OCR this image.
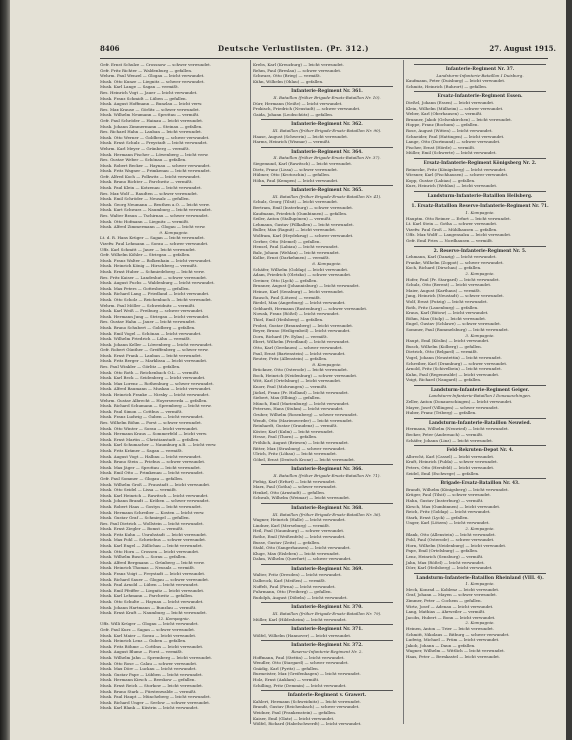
8406	Deutsche Verlustlisten. (Pr. 312.)	27. August 1915.
Gefr. Ernst Schulze — Crossnow — schwer verwundet.
Gefr. Fritz Richter — Waldenburg — gefallen.
Wehrm. Paul Wenzel — Glogau — leicht verwundet.
Musk. Otto Kunze — Liegnitz — schwer verwundet.
Musk. Karl Lange — Sagan — vermißt.
Res. Heinrich Vogt — Jauer — leicht verwundet.
Musk. Franz Schmidt — Lüben — gefallen.
Musk. August Hoffmann — Bunzlau — leicht verw.
Res. Max Krause — Görlitz — schwer verwundet.
Musk. Wilhelm Neumann — Sprottau — vermißt.
Gefr. Paul Schröder — Hainau — leicht verwundet.
Musk. Johann Zimmermann — Steinau — gefallen.
Res. Richard Hahn — Lauban — leicht verwundet.
Musk. Otto Werner — Goldberg — schwer verwundet.
Musk. Ernst Schulz — Freystadt — leicht verwundet.
Wehrm. Karl Meyer — Grünberg — vermißt.
Musk. Hermann Fischer — Löwenberg — leicht verw.
Res. Gustav Weber — Schönau — gefallen.
Musk. Robert Becker — Haynau — schwer verwundet.
Musk. Fritz Wagner — Primkenau — leicht verwundet.
Gefr. Alfred Koch — Polkwitz — leicht verwundet.
Musk. Bruno Richter — Parchwitz — vermißt.
Musk. Paul Klein — Kotzenau — leicht verwundet.
Res. Max Wolf — Raudten — schwer verwundet.
Musk. Emil Schröder — Neusalz — gefallen.
Musk. Georg Neumann — Beuthen a.O. — leicht verw.
Musk. Kurt Schwarz — Naumburg — leicht verwundet.
Res. Walter Braun — Tschirnau — schwer verwundet.
Musk. Otto Hofmann — Liegnitz — vermißt.
Musk. Alfred Zimmermann — Glogau — leicht verw.
9. Kompagnie.
Lt. d. R. Hans Krüger — Sagan — leicht verwundet.
Vizefw. Paul Lehmann — Sorau — schwer verwundet.
Uffz. Karl Schmitt — Jauer — leicht verwundet.
Gefr. Wilhelm Köhler — Striegau — gefallen.
Musk. Franz Walter — Bolkenhain — leicht verwundet.
Musk. Heinrich König — Hirschberg — vermißt.
Musk. Ernst Huber — Schmiedeberg — leicht verw.
Res. Fritz Kaiser — Landeshut — schwer verwundet.
Musk. August Fuchs — Waldenburg — leicht verwundet.
Musk. Max Peters — Gottesberg — gefallen.
Musk. Richard Lang — Friedland — leicht verwundet.
Musk. Otto Scholz — Reichenbach — leicht verwundet.
Wehrm. Paul Möller — Schweidnitz — vermißt.
Musk. Karl Weiß — Freiburg — schwer verwundet.
Musk. Hermann Jung — Striegau — leicht verwundet.
Res. Gustav Hahn — Jauer — leicht verwundet.
Musk. Bruno Schubert — Goldberg — gefallen.
Musk. Emil Vogel — Schönau — leicht verwundet.
Musk. Wilhelm Friedrich — Lähn — vermißt.
Musk. Johann Keller — Löwenberg — leicht verwundet.
Gefr. Robert Günther — Greiffenberg — schwer verw.
Musk. Ernst Frank — Lauban — leicht verwundet.
Musk. Fritz Berger — Marklissa — leicht verwundet.
Res. Paul Winkler — Görlitz — gefallen.
Musk. Otto Roth — Reichenbach O.L. — vermißt.
Musk. Karl Beck — Seidenberg — leicht verwundet.
Musk. Max Lorenz — Rothenburg — schwer verwundet.
Musk. Alfred Baumann — Muskau — leicht verwundet.
Musk. Heinrich Franke — Niesky — leicht verwundet.
Wehrm. Gustav Albrecht — Hoyerswerda — gefallen.
Musk. Richard Schumann — Spremberg — leicht verw.
Musk. Paul Simon — Cottbus — vermißt.
Musk. Franz Ludwig — Guben — leicht verwundet.
Res. Wilhelm Böhm — Forst — schwer verwundet.
Musk. Otto Winter — Sorau — leicht verwundet.
Musk. Hermann Kraus — Sommerfeld — leicht verw.
Musk. Ernst Martin — Christianstadt — gefallen.
Musk. Karl Schumacher — Naumburg a.B. — leicht verw.
Musk. Fritz Krämer — Sagan — vermißt.
Musk. August Vogt — Halbau — leicht verwundet.
Musk. Bruno Stein — Priebus — schwer verwundet.
Musk. Max Jäger — Sprottau — leicht verwundet.
Musk. Emil Otto — Primkenau — leicht verwundet.
Gefr. Paul Sommer — Glogau — gefallen.
Musk. Wilhelm Groß — Fraustadt — leicht verwundet.
Musk. Otto Seidel — Lissa — vermißt.
Musk. Karl Heinrich — Rawitsch — leicht verwundet.
Musk. Johann Brandt — Kröben — schwer verwundet.
Musk. Robert Haas — Gostyn — leicht verwundet.
Musk. Hermann Schreiber — Kosten — leicht verw.
Musk. Gustav Graf — Schmiegel — gefallen.
Res. Paul Dietrich — Wollstein — leicht verwundet.
Musk. Ernst Ziegler — Bomst — vermißt.
Musk. Fritz Kuhn — Unruhstadt — leicht verwundet.
Musk. Max Pohl — Schwiebus — schwer verwundet.
Musk. Karl Engel — Züllichau — leicht verwundet.
Musk. Otto Horn — Crossen — leicht verwundet.
Musk. Wilhelm Busch — Sorau — gefallen.
Musk. Alfred Bergmann — Grünberg — leicht verw.
Musk. Heinrich Thomas — Neusalz — vermißt.
Musk. Franz Voigt — Freystadt — leicht verwundet.
Musk. Richard Sauer — Glogau — schwer verwundet.
Musk. Paul Arnold — Lüben — leicht verwundet.
Musk. Emil Pfeiffer — Liegnitz — leicht verwundet.
Musk. Karl Lehmann — Parchwitz — gefallen.
Musk. Otto Schulte — Haynau — leicht verwundet.
Musk. Johann Hartmann — Bunzlau — vermißt.
Musk. Ernst Kraft — Naumburg — leicht verwundet.
12. Kompagnie.
Uffz. Willi Krüger — Glogau — leicht verwundet.
Gefr. Paul Kurz — Sagan — schwer verwundet.
Musk. Karl Maier — Sorau — leicht verwundet.
Musk. Heinrich Lenz — Guben — gefallen.
Musk. Fritz Böhme — Cottbus — leicht verwundet.
Musk. August Blume — Forst — vermißt.
Musk. Wilhelm Jahn — Spremberg — leicht verwundet.
Musk. Otto Rose — Calau — schwer verwundet.
Musk. Max Dörr — Luckau — leicht verwundet.
Musk. Gustav Pape — Lübben — leicht verwundet.
Musk. Hermann Kirsch — Beeskow — gefallen.
Musk. Ernst Reich — Storkow — leicht verwundet.
Musk. Bruno Stark — Fürstenwalde — vermißt.
Musk. Paul Haupt — Müncheberg — leicht verwundet.
Musk. Richard Unger — Seelow — schwer verwundet.
Musk. Karl Blank — Küstrin — leicht verwundet.
Krebs, Karl (Kreuzburg) — leicht verwundet.
Rehm, Paul (Breslau) — schwer verwundet.
Schwarz, Otto (Brieg) — vermißt.
Kühn, Wilhelm (Ohlau) — gefallen.
Infanterie-Regiment Nr. 361.
II. Bataillon (früher Brigade-Ersatz-Bataillon Nr. 10).
Dürr, Hermann (Neiße) — leicht verwundet.
Prokisch, Friedrich (Neustadt) — schwer verwundet.
Gaida, Johann (Leobschütz) — gefallen.
Infanterie-Regiment Nr. 362.
III. Bataillon (früher Brigade-Ersatz-Bataillon Nr. 90).
Haase, August (Schwerin) — leicht verwundet.
Harms, Heinrich (Wismar) — vermißt.
Infanterie-Regiment Nr. 364.
II. Bataillon (früher Brigade-Ersatz-Bataillon Nr. 37).
Siegemund, Karl (Rawitsch) — leicht verwundet.
Dietz, Franz (Lissa) — schwer verwundet.
Hübner, Otto (Krotoschin) — gefallen.
Höhn, Paul (Kempen) — leicht verwundet.
Infanterie-Regiment Nr. 365.
III. Bataillon (früher Brigade-Ersatz-Bataillon Nr. 41).
Schulz, Georg (Tilsit) — leicht verwundet.
Bertram, Emil (Insterburg) — schwer verwundet.
Kaufmann, Friedrich (Gumbinnen) — gefallen.
Seiler, Anton (Stallupönen) — vermißt.
Lehmann, Gustav (Pillkallen) — leicht verwundet.
Buller, Max (Ragnit) — leicht verwundet.
Wolfram, Karl (Heydekrug) — schwer verwundet.
Gerber, Otto (Memel) — gefallen.
Hensel, Paul (Labiau) — leicht verwundet.
Balz, Johann (Wehlau) — leicht verwundet.
Kolbe, Ernst (Darkehmen) — vermißt.
6. Kompagnie.
Schäfer, Wilhelm (Goldap) — leicht verwundet.
Adam, Friedrich (Oletzko) — schwer verwundet.
Greiner, Otto (Lyck) — gefallen.
Brunner, August (Johannisburg) — leicht verwundet.
Heinze, Karl (Sensburg) — leicht verwundet.
Rausch, Paul (Lötzen) — vermißt.
Riedel, Max (Angerburg) — leicht verwundet.
Gebhardt, Hermann (Rastenburg) — schwer verwundet.
Nowak, Franz (Rößel) — leicht verwundet.
Thiel, Emil (Heilsberg) — gefallen.
Probst, Gustav (Braunsberg) — leicht verwundet.
Beyer, Bruno (Heiligenbeil) — leicht verwundet.
Dorn, Richard (Pr. Eylau) — vermißt.
Ebert, Wilhelm (Friedland) — leicht verwundet.
Otto, Karl (Gerdauen) — schwer verwundet.
Paul, Ernst (Bartenstein) — leicht verwundet.
Reuter, Fritz (Allenstein) — gefallen.
8. Kompagnie.
Brückner, Otto (Osterode) — leicht verwundet.
Bock, Heinrich (Neidenburg) — schwer verwundet.
Witt, Karl (Ortelsburg) — leicht verwundet.
Knorr, Paul (Mohrungen) — vermißt.
Jäckel, Franz (Pr. Holland) — leicht verwundet.
Siebert, Max (Elbing) — gefallen.
Münch, Emil (Marienburg) — leicht verwundet.
Petersen, Hans (Stuhm) — leicht verwundet.
Gruber, Wilhelm (Rosenberg) — schwer verwundet.
Wendt, Otto (Marienwerder) — leicht verwundet.
Reinhardt, Gustav (Graudenz) — vermißt.
Köster, Karl (Kulm) — leicht verwundet.
Hesse, Paul (Thorn) — gefallen.
Fröhlich, August (Briesen) — leicht verwundet.
Ritter, Max (Strasburg) — schwer verwundet.
Ulrich, Fritz (Löbau) — leicht verwundet.
Göbel, Ernst (Deutsch Krone) — leicht verwundet.
Infanterie-Regiment Nr. 366.
II. Bataillon (früher Brigade-Ersatz-Bataillon Nr. 71).
Fiebig, Karl (Erfurt) — leicht verwundet.
Marx, Paul (Gotha) — schwer verwundet.
Henkel, Otto (Arnstadt) — gefallen.
Schwab, Wilhelm (Weimar) — leicht verwundet.
Infanterie-Regiment Nr. 368.
III. Bataillon (früher Brigade-Ersatz-Bataillon Nr. 36).
Wagner, Heinrich (Halle) — leicht verwundet.
Lindner, Karl (Merseburg) — vermißt.
Heil, Paul (Naumburg) — schwer verwundet.
Rothe, Emil (Weißenfels) — leicht verwundet.
Busse, Gustav (Zeitz) — gefallen.
Stahl, Otto (Sangerhausen) — leicht verwundet.
Kluge, Max (Eisleben) — leicht verwundet.
Dahm, Wilhelm (Querfurt) — schwer verwundet.
Infanterie-Regiment Nr. 369.
Walter, Fritz (Dresden) — leicht verwundet.
Dalbrock, Karl (Meißen) — vermißt.
Noffelt, Paul (Pirna) — leicht verwundet.
Fuhrmann, Otto (Freiberg) — gefallen.
Rudolph, August (Döbeln) — leicht verwundet.
Infanterie-Regiment Nr. 370.
III. Bataillon (früher Brigade-Ersatz-Bataillon Nr. 79).
Müller, Karl (Hildesheim) — leicht verwundet.
Infanterie-Regiment Nr. 371.
Wölfel, Wilhelm (Hannover) — leicht verwundet.
Infanterie-Regiment Nr. 372.
Reserve-Infanterie-Regiment Nr. 2.
Hoffmann, Paul (Stettin) — leicht verwundet.
Wendler, Otto (Stargard) — schwer verwundet.
Gnädig, Karl (Pyritz) — gefallen.
Burmeister, Max (Greifenhagen) — leicht verwundet.
Holz, Ernst (Anklam) — vermißt.
Schilling, Fritz (Demmin) — leicht verwundet.
Infanterie-Regiment v. Grawert.
Kahlert, Hermann (Schweidnitz) — leicht verwundet.
Brandt, Gustav (Reichenbach) — schwer verwundet.
Weidner, Paul (Frankenstein) — gefallen.
Kaiser, Emil (Glatz) — leicht verwundet.
Wölfel, Richard (Habelschwerdt) — leicht verwundet.
Infanterie-Regiment Nr. 37.
Landsturm-Infanterie-Bataillon I Duisburg.
Kaufmann, Peter (Duisburg) — leicht verwundet.
Schmitz, Heinrich (Ruhrort) — gefallen.
Ersatz-Infanterie-Regiment Essen.
Dießel, Johann (Essen) — leicht verwundet.
Klein, Wilhelm (Mülheim) — schwer verwundet.
Weber, Karl (Oberhausen) — vermißt.
Brunner, Jakob (Gelsenkirchen) — leicht verwundet.
Hoppe, Franz (Bochum) — gefallen.
Rose, August (Witten) — leicht verwundet.
Schneider, Paul (Hattingen) — leicht verwundet.
Lange, Otto (Dortmund) — schwer verwundet.
Fischer, Ernst (Hörde) — vermißt.
Müller, Emil (Schwerte) — leicht verwundet.
Ersatz-Infanterie-Regiment Königsberg Nr. 2.
Reinecke, Fritz (Königsberg) — leicht verwundet.
Wiesner, Karl (Fischhausen) — schwer verwundet.
Kopp, Gustav (Labiau) — gefallen.
Kurz, Heinrich (Wehlau) — leicht verwundet.
Landsturm-Infanterie-Bataillon Heilsberg.
1. Ersatz-Bataillon Reserve-Infanterie-Regiment Nr. 71.
1. Kompagnie.
Hauptm. Otto Reimer — Erfurt — leicht verwundet.
Lt. Karl Stein — Gotha — schwer verwundet.
Vizefw. Paul Groß — Mühlhausen — gefallen.
Uffz. Max Wolff — Langensalza — leicht verwundet.
Gefr. Emil Fries — Nordhausen — vermißt.
2. Reserve-Infanterie-Regiment Nr. 5.
Lehmann, Karl (Danzig) — leicht verwundet.
Franke, Wilhelm (Zoppot) — schwer verwundet.
Koch, Richard (Dirschau) — gefallen.
2. Kompagnie.
Hofer, Paul (Pr. Stargard) — leicht verwundet.
Schulz, Otto (Berent) — leicht verwundet.
Maier, August (Karthaus) — vermißt.
Jung, Heinrich (Neustadt) — schwer verwundet.
Wolf, Ernst (Putzig) — leicht verwundet.
Roth, Fritz (Lauenburg) — gefallen.
Kraus, Karl (Bütow) — leicht verwundet.
Böhm, Max (Stolp) — leicht verwundet.
Engel, Gustav (Schlawe) — schwer verwundet.
Sommer, Paul (Rummelsburg) — leicht verwundet.
3. Kompagnie.
Haupt, Emil (Köslin) — leicht verwundet.
Busch, Wilhelm (Kolberg) — gefallen.
Dietrich, Otto (Belgard) — vermißt.
Vogel, Johann (Neustettin) — leicht verwundet.
Schreiber, Karl (Dramburg) — schwer verwundet.
Arnold, Fritz (Schivelbein) — leicht verwundet.
Kuhn, Paul (Regenwalde) — leicht verwundet.
Voigt, Richard (Naugard) — gefallen.
Landsturm-Infanterie-Regiment Geiger.
Landsturm-Infanterie-Bataillon I Donaueschingen.
Zeller, Anton (Donaueschingen) — leicht verwundet.
Mayer, Josef (Villingen) — schwer verwundet.
Huber, Franz (Triberg) — gefallen.
Landsturm-Infanterie-Bataillon Neuwied.
Hermann, Wilhelm (Neuwied) — leicht verwundet.
Becker, Peter (Andernach) — vermißt.
Schäfer, Johann (Linz) — leicht verwundet.
Feld-Rekruten-Depot Nr. 4.
Albrecht, Karl (Cassel) — leicht verwundet.
Kraft, Heinrich (Fulda) — schwer verwundet.
Peters, Otto (Hersfeld) — leicht verwundet.
Seidel, Emil (Eschwege) — gefallen.
Brigade-Ersatz-Bataillon Nr. 43.
Brandt, Wilhelm (Königsberg) — leicht verwundet.
Krüger, Paul (Tilsit) — schwer verwundet.
Hahn, Gustav (Insterburg) — vermißt.
Kirsch, Max (Gumbinnen) — leicht verwundet.
Reich, Fritz (Goldap) — leicht verwundet.
Stark, Ernst (Lyck) — gefallen.
Unger, Karl (Lötzen) — leicht verwundet.
2. Kompagnie.
Blank, Otto (Allenstein) — leicht verwundet.
Pohl, Paul (Osterode) — schwer verwundet.
Horn, Wilhelm (Neidenburg) — leicht verwundet.
Pape, Emil (Ortelsburg) — gefallen.
Lenz, Heinrich (Sensburg) — vermißt.
Jahn, Max (Rößel) — leicht verwundet.
Dörr, Karl (Heilsberg) — leicht verwundet.
Landsturm-Infanterie-Bataillon Rheinland (VIII. 4).
1. Kompagnie.
Meck, Konrad — Koblenz — leicht verwundet.
Graf, Johann — Mayen — schwer verwundet.
Zimmer, Peter — Cochem — gefallen.
Wirtz, Josef — Adenau — leicht verwundet.
Lang, Mathias — Ahrweiler — vermißt.
Jacobs, Hubert — Bonn — leicht verwundet.
2. Kompagnie.
Heinen, Anton — Trier — leicht verwundet.
Schmitt, Nikolaus — Bitburg — schwer verwundet.
Ludwig, Michael — Prüm — leicht verwundet.
Jakob, Johann — Daun — gefallen.
Wagner, Wilhelm — Wittlich — leicht verwundet.
Haas, Peter — Bernkastel — leicht verwundet.
